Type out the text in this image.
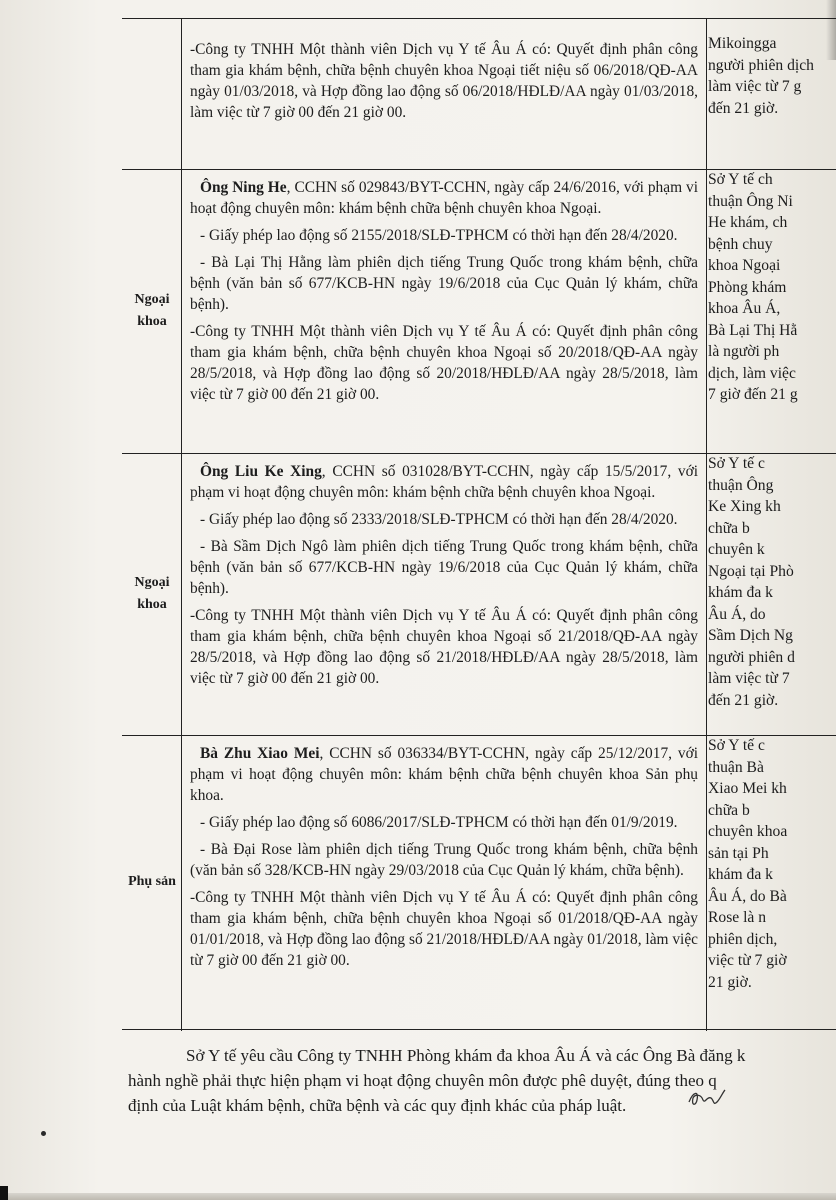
-Công ty TNHH Một thành viên Dịch vụ Y tế Âu Á có: Quyết định phân công tham gia khám bệnh, chữa bệnh chuyên khoa Ngoại tiết niệu số 06/2018/QĐ-AA ngày 01/03/2018, và Hợp đồng lao động số 06/2018/HĐLĐ/AA ngày 01/03/2018, làm việc từ 7 giờ 00 đến 21 giờ 00.

Mikoingga
người phiên dịch
làm việc từ 7 g
đến 21 giờ.
Ngoại khoa

Ông Ning He, CCHN số 029843/BYT-CCHN, ngày cấp 24/6/2016, với phạm vi hoạt động chuyên môn: khám bệnh chữa bệnh chuyên khoa Ngoại.

- Giấy phép lao động số 2155/2018/SLĐ-TPHCM có thời hạn đến 28/4/2020.

- Bà Lại Thị Hằng làm phiên dịch tiếng Trung Quốc trong khám bệnh, chữa bệnh (văn bản số 677/KCB-HN ngày 19/6/2018 của Cục Quản lý khám, chữa bệnh).

-Công ty TNHH Một thành viên Dịch vụ Y tế Âu Á có: Quyết định phân công tham gia khám bệnh, chữa bệnh chuyên khoa Ngoại số 20/2018/QĐ-AA ngày 28/5/2018, và Hợp đồng lao động số 20/2018/HĐLĐ/AA ngày 28/5/2018, làm việc từ 7 giờ 00 đến 21 giờ 00.

Sở Y tế ch
thuận Ông Ni
He khám, ch
bệnh chuy
khoa Ngoại
Phòng khám
khoa Âu Á,
Bà Lại Thị Hằ
là người ph
dịch, làm việc
7 giờ đến 21 g
Ngoại khoa

Ông Liu Ke Xing, CCHN số 031028/BYT-CCHN, ngày cấp 15/5/2017, với phạm vi hoạt động chuyên môn: khám bệnh chữa bệnh chuyên khoa Ngoại.

- Giấy phép lao động số 2333/2018/SLĐ-TPHCM có thời hạn đến 28/4/2020.

- Bà Sầm Dịch Ngô làm phiên dịch tiếng Trung Quốc trong khám bệnh, chữa bệnh (văn bản số 677/KCB-HN ngày 19/6/2018 của Cục Quản lý khám, chữa bệnh).

-Công ty TNHH Một thành viên Dịch vụ Y tế Âu Á có: Quyết định phân công tham gia khám bệnh, chữa bệnh chuyên khoa Ngoại số 21/2018/QĐ-AA ngày 28/5/2018, và Hợp đồng lao động số 21/2018/HĐLĐ/AA ngày 28/5/2018, làm việc từ 7 giờ 00 đến 21 giờ 00.

Sở Y tế c
thuận Ông
Ke Xing kh
chữa b
chuyên k
Ngoại tại Phò
khám đa k
Âu Á, do
Sầm Dịch Ng
người phiên d
làm việc từ 7
đến 21 giờ.
Phụ sản

Bà Zhu Xiao Mei, CCHN số 036334/BYT-CCHN, ngày cấp 25/12/2017, với phạm vi hoạt động chuyên môn: khám bệnh chữa bệnh chuyên khoa Sản phụ khoa.

- Giấy phép lao động số 6086/2017/SLĐ-TPHCM có thời hạn đến 01/9/2019.

- Bà Đại Rose làm phiên dịch tiếng Trung Quốc trong khám bệnh, chữa bệnh (văn bản số 328/KCB-HN ngày 29/03/2018 của Cục Quản lý khám, chữa bệnh).

-Công ty TNHH Một thành viên Dịch vụ Y tế Âu Á có: Quyết định phân công tham gia khám bệnh, chữa bệnh chuyên khoa Ngoại số 01/2018/QĐ-AA ngày 01/01/2018, và Hợp đồng lao động số 21/2018/HĐLĐ/AA ngày 01/2018, làm việc từ 7 giờ 00 đến 21 giờ 00.

Sở Y tế c
thuận Bà
Xiao Mei kh
chữa b
chuyên khoa
sản tại Ph
khám đa k
Âu Á, do Bà
Rose là n
phiên dịch,
việc từ 7 giờ
21 giờ.
Sở Y tế yêu cầu Công ty TNHH Phòng khám đa khoa Âu Á và các Ông Bà đăng k
hành nghề phải thực hiện phạm vi hoạt động chuyên môn được phê duyệt, đúng theo q
định của Luật khám bệnh, chữa bệnh và các quy định khác của pháp luật.
